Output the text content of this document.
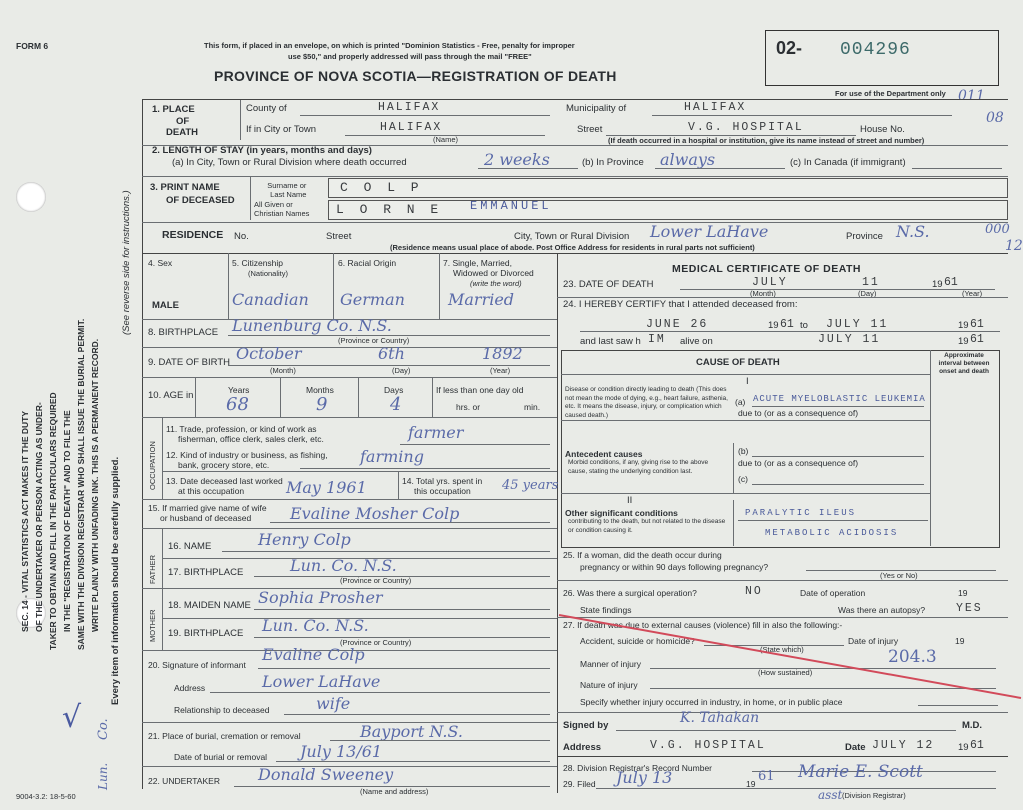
FORM 6	This form, if placed in an envelope, on which is printed "Dominion Statistics - Free, penalty for improper
use $50," and properly addressed will pass through the mail "FREE"
PROVINCE OF NOVA SCOTIA—REGISTRATION OF DEATH
02- 004296
For use of the Department only 011
08
000
12
SEC. 14 - VITAL STATISTICS ACT MAKES IT THE DUTY OF THE UNDERTAKER OR PERSON ACTING AS UNDER- TAKER TO OBTAIN AND FILL IN THE PARTICULARS REQUIRED IN THE "REGISTRATION OF DEATH" AND TO FILE THE SAME WITH THE DIVISION REGISTRAR WHO SHALL ISSUE THE BURIAL PERMIT. WRITE PLAINLY WITH UNFADING INK. THIS IS A PERMANENT RECORD. Every item of information should be carefully supplied.
(See reverse side for instructions.)
√ Co.
Lun.
9004-3.2: 18-5-60
1. PLACE
OF
DEATH
County of	HALIFAX	Municipality of	HALIFAX
If in City or Town	HALIFAX
(Name)
Street	V.G. HOSPITAL	House No.
(If death occurred in a hospital or institution, give its name instead of street and number)
2. LENGTH OF STAY (in years, months and days)
(a) In City, Town or Rural Division where death occurred	2 weeks	(b) In Province always	(c) In Canada (if immigrant)
3. PRINT NAME
OF DECEASED
Surname or
Last Name
All Given or
Christian Names
C O L P
L O R N E EMMANUEL
RESIDENCE No.	Street	City, Town or Rural Division Lower LaHave	Province N.S.
(Residence means usual place of abode. Post Office Address for residents in rural parts not sufficient)
4. Sex
MALE
5. Citizenship
(Nationality)
Canadian
6. Racial Origin
German
7. Single, Married,
Widowed or Divorced
(write the word)
Married
8. BIRTHPLACE Lunenburg Co. N.S.
(Province or Country)
9. DATE OF BIRTH October	6th	1892
(Month)	(Day)	(Year)
10. AGE in	Years	Months	Days
68	9	4
If less than one day old
hrs. or	min.
OCCUPATION
11. Trade, profession, or kind of work as
fisherman, office clerk, sales clerk, etc.	farmer
12. Kind of industry or business, as fishing,
bank, grocery store, etc.	farming
13. Date deceased last worked
at this occupation	May 1961	14. Total yrs. spent in
this occupation 45 years
15. If married give name of wife
or husband of deceased Evaline Mosher Colp
FATHER
16. NAME	Henry Colp
17. BIRTHPLACE	Lun. Co. N.S.
(Province or Country)
MOTHER
18. MAIDEN NAME Sophia Prosher
19. BIRTHPLACE Lun. Co. N.S.
(Province or Country)
20. Signature of informant
Evaline Colp
Address	Lower LaHave
Relationship to deceased	wife
21. Place of burial, cremation or removal	Bayport N.S.
Date of burial or removal July 13/61
22. UNDERTAKER Donald Sweeney
(Name and address)
MEDICAL CERTIFICATE OF DEATH
23. DATE OF DEATH	JULY	11	19 61
(Month)	(Day)	(Year)
24. I HEREBY CERTIFY that I attended deceased from:
JUNE 26	19 61 to JULY 11	19 61
and last saw h IM alive on	JULY 11	19 61
CAUSE OF DEATH
Approximate interval between onset and death
I
Disease or condition directly leading to death (This does not mean the mode of dying, e.g., heart failure, asthenia, etc. It means the disease, injury, or complication which caused death.)
(a) ACUTE MYELOBLASTIC LEUKEMIA
due to (or as a consequence of)
Antecedent causes
Morbid conditions, if any, giving rise to the above cause, stating the underlying condition last.
(b)
due to (or as a consequence of)
(c)
II
Other significant conditions
contributing to the death, but not related to the disease or condition causing it.
PARALYTIC ILEUS
METABOLIC ACIDOSIS
25. If a woman, did the death occur during
pregnancy or within 90 days following pregnancy?
(Yes or No)
26. Was there a surgical operation?	NO	Date of operation	19
State findings	Was there an autopsy?	YES
27. If death was due to external causes (violence) fill in also the following:-
Accident, suicide or homicide?	Date of injury	19
(State which)
Manner of injury	204.3
(How sustained)
Nature of injury
Specify whether injury occurred in industry, in home, or in public place
Signed by	K. Tahakan	M.D.
Address	V.G. HOSPITAL	Date JULY 12 19 61
28. Division Registrar's Record Number
29. Filed July 13	19 61 Marie E. Scott
asst (Division Registrar)
